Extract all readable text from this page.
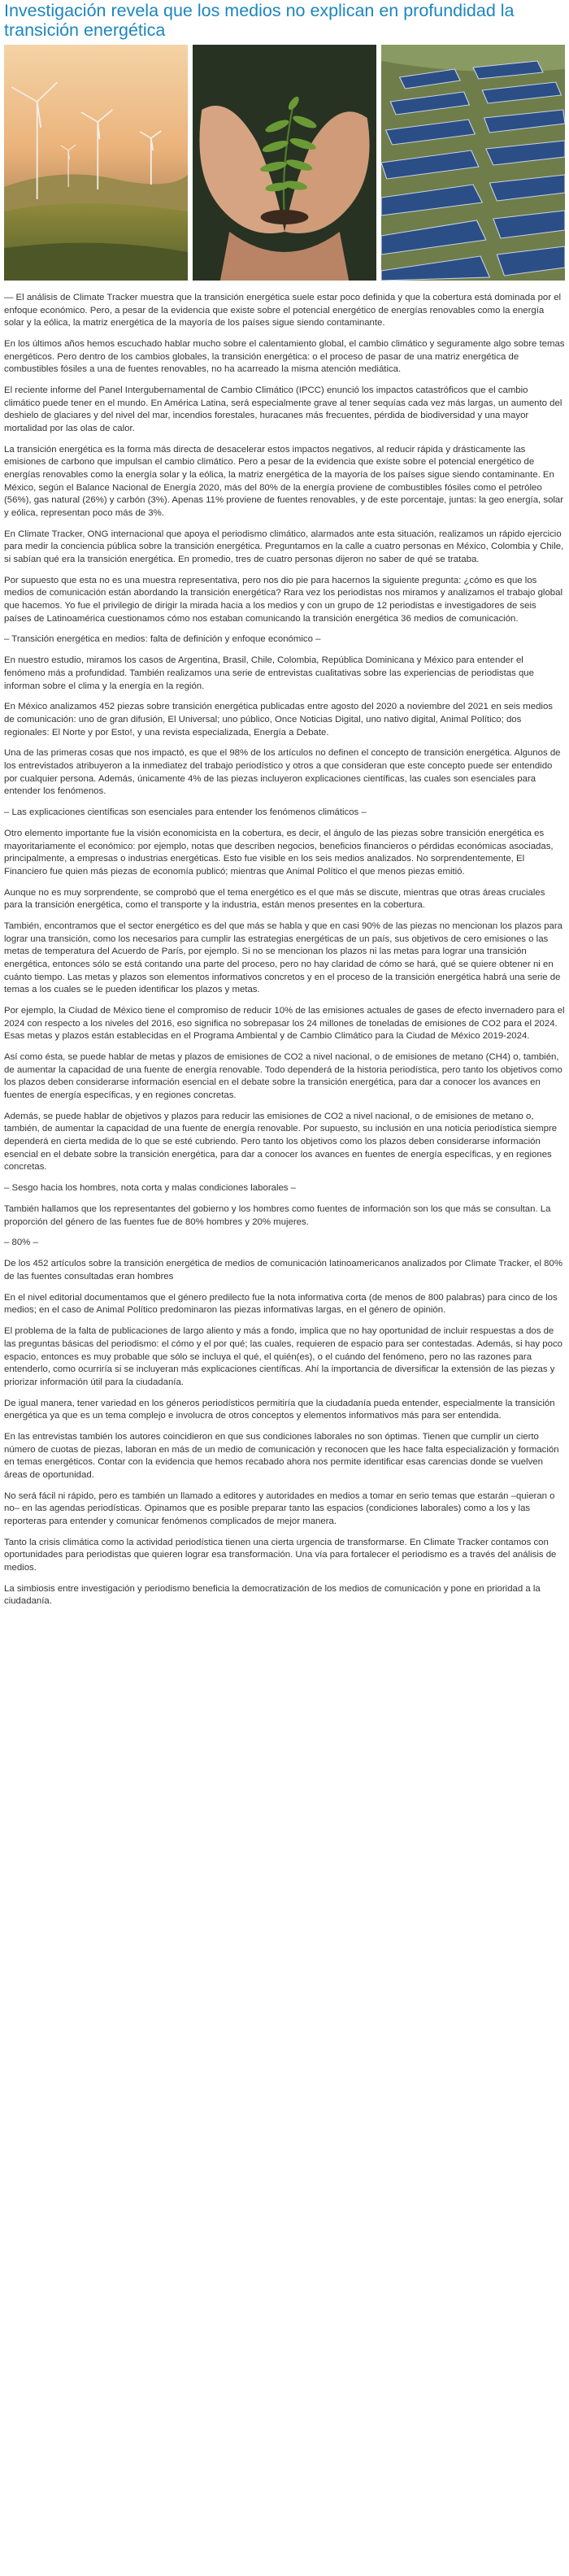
Investigación revela que los medios no explican en profundidad la transición energética

— El análisis de Climate Tracker muestra que la transición energética suele estar poco definida y que la cobertura está dominada por el enfoque económico. Pero, a pesar de la evidencia que existe sobre el potencial energético de energías renovables como la energía solar y la eólica, la matriz energética de la mayoría de los países sigue siendo contaminante.

En los últimos años hemos escuchado hablar mucho sobre el calentamiento global, el cambio climático y seguramente algo sobre temas energéticos. Pero dentro de los cambios globales, la transición energética: o el proceso de pasar de una matriz energética de combustibles fósiles a una de fuentes renovables, no ha acarreado la misma atención mediática.

El reciente informe del Panel Intergubernamental de Cambio Climático (IPCC) enunció los impactos catastróficos que el cambio climático puede tener en el mundo. En América Latina, será especialmente grave al tener sequías cada vez más largas, un aumento del deshielo de glaciares y del nivel del mar, incendios forestales, huracanes más frecuentes, pérdida de biodiversidad y una mayor mortalidad por las olas de calor.

La transición energética es la forma más directa de desacelerar estos impactos negativos, al reducir rápida y drásticamente las emisiones de carbono que impulsan el cambio climático. Pero a pesar de la evidencia que existe sobre el potencial energético de energías renovables como la energía solar y la eólica, la matriz energética de la mayoría de los países sigue siendo contaminante. En México, según el Balance Nacional de Energía 2020, más del 80% de la energía proviene de combustibles fósiles como el petróleo (56%), gas natural (26%) y carbón (3%). Apenas 11% proviene de fuentes renovables, y de este porcentaje, juntas: la geo energía, solar y eólica, representan poco más de 3%.

En Climate Tracker, ONG internacional que apoya el periodismo climático, alarmados ante esta situación, realizamos un rápido ejercicio para medir la conciencia pública sobre la transición energética. Preguntamos en la calle a cuatro personas en México, Colombia y Chile, si sabían qué era la transición energética. En promedio, tres de cuatro personas dijeron no saber de qué se trataba.

Por supuesto que esta no es una muestra representativa, pero nos dio pie para hacernos la siguiente pregunta: ¿cómo es que los medios de comunicación están abordando la transición energética? Rara vez los periodistas nos miramos y analizamos el trabajo global que hacemos. Yo fue el privilegio de dirigir la mirada hacia a los medios y con un grupo de 12 periodistas e investigadores de seis países de Latinoamérica cuestionamos cómo nos estaban comunicando la transición energética 36 medios de comunicación.

– Transición energética en medios: falta de definición y enfoque económico –

En nuestro estudio, miramos los casos de Argentina, Brasil, Chile, Colombia, República Dominicana y México para entender el fenómeno más a profundidad. También realizamos una serie de entrevistas cualitativas sobre las experiencias de periodistas que informan sobre el clima y la energía en la región.

En México analizamos 452 piezas sobre transición energética publicadas entre agosto del 2020 a noviembre del 2021 en seis medios de comunicación: uno de gran difusión, El Universal; uno público, Once Noticias Digital, uno nativo digital, Animal Político; dos regionales: El Norte y por Esto!, y una revista especializada, Energía a Debate.

Una de las primeras cosas que nos impactó, es que el 98% de los artículos no definen el concepto de transición energética. Algunos de los entrevistados atribuyeron a la inmediatez del trabajo periodístico y otros a que consideran que este concepto puede ser entendido por cualquier persona. Además, únicamente 4% de las piezas incluyeron explicaciones científicas, las cuales son esenciales para entender los fenómenos.

– Las explicaciones científicas son esenciales para entender los fenómenos climáticos –

Otro elemento importante fue la visión economicista en la cobertura, es decir, el ángulo de las piezas sobre transición energética es mayoritariamente el económico: por ejemplo, notas que describen negocios, beneficios financieros o pérdidas económicas asociadas, principalmente, a empresas o industrias energéticas. Esto fue visible en los seis medios analizados. No sorprendentemente, El Financiero fue quien más piezas de economía publicó; mientras que Animal Político el que menos piezas emitió.

Aunque no es muy sorprendente, se comprobó que el tema energético es el que más se discute, mientras que otras áreas cruciales para la transición energética, como el transporte y la industria, están menos presentes en la cobertura.

También, encontramos que el sector energético es del que más se habla y que en casi 90% de las piezas no mencionan los plazos para lograr una transición, como los necesarios para cumplir las estrategias energéticas de un país, sus objetivos de cero emisiones o las metas de temperatura del Acuerdo de París, por ejemplo. Si no se mencionan los plazos ni las metas para lograr una transición energética, entonces sólo se está contando una parte del proceso, pero no hay claridad de cómo se hará, qué se quiere obtener ni en cuánto tiempo. Las metas y plazos son elementos informativos concretos y en el proceso de la transición energética habrá una serie de temas a los cuales se le pueden identificar los plazos y metas.

Por ejemplo, la Ciudad de México tiene el compromiso de reducir 10% de las emisiones actuales de gases de efecto invernadero para el 2024 con respecto a los niveles del 2016, eso significa no sobrepasar los 24 millones de toneladas de emisiones de CO2 para el 2024. Esas metas y plazos están establecidas en el Programa Ambiental y de Cambio Climático para la Ciudad de México 2019-2024.

Así como ésta, se puede hablar de metas y plazos de emisiones de CO2 a nivel nacional, o de emisiones de metano (CH4) o, también, de aumentar la capacidad de una fuente de energía renovable. Todo dependerá de la historia periodística, pero tanto los objetivos como los plazos deben considerarse información esencial en el debate sobre la transición energética, para dar a conocer los avances en fuentes de energía específicas, y en regiones concretas.

Además, se puede hablar de objetivos y plazos para reducir las emisiones de CO2 a nivel nacional, o de emisiones de metano o, también, de aumentar la capacidad de una fuente de energía renovable. Por supuesto, su inclusión en una noticia periodística siempre dependerá en cierta medida de lo que se esté cubriendo. Pero tanto los objetivos como los plazos deben considerarse información esencial en el debate sobre la transición energética, para dar a conocer los avances en fuentes de energía específicas, y en regiones concretas.

– Sesgo hacia los hombres, nota corta y malas condiciones laborales –

También hallamos que los representantes del gobierno y los hombres como fuentes de información son los que más se consultan. La proporción del género de las fuentes fue de 80% hombres y 20% mujeres.

– 80% –

De los 452 artículos sobre la transición energética de medios de comunicación latinoamericanos analizados por Climate Tracker, el 80% de las fuentes consultadas eran hombres

En el nivel editorial documentamos que el género predilecto fue la nota informativa corta (de menos de 800 palabras) para cinco de los medios; en el caso de Animal Político predominaron las piezas informativas largas, en el género de opinión.

El problema de la falta de publicaciones de largo aliento y más a fondo, implica que no hay oportunidad de incluir respuestas a dos de las preguntas básicas del periodismo: el cómo y el por qué; las cuales, requieren de espacio para ser contestadas. Además, si hay poco espacio, entonces es muy probable que sólo se incluya el qué, el quién(es), o el cuándo del fenómeno, pero no las razones para entenderlo, como ocurriría si se incluyeran más explicaciones científicas. Ahí la importancia de diversificar la extensión de las piezas y priorizar información útil para la ciudadanía.

De igual manera, tener variedad en los géneros periodísticos permitiría que la ciudadanía pueda entender, especialmente la transición energética ya que es un tema complejo e involucra de otros conceptos y elementos informativos más para ser entendida.

En las entrevistas también los autores coincidieron en que sus condiciones laborales no son óptimas. Tienen que cumplir un cierto número de cuotas de piezas, laboran en más de un medio de comunicación y reconocen que les hace falta especialización y formación en temas energéticos. Contar con la evidencia que hemos recabado ahora nos permite identificar esas carencias donde se vuelven áreas de oportunidad.

No será fácil ni rápido, pero es también un llamado a editores y autoridades en medios a tomar en serio temas que estarán –quieran o no– en las agendas periodísticas. Opinamos que es posible preparar tanto las espacios (condiciones laborales) como a los y las reporteras para entender y comunicar fenómenos complicados de mejor manera.

Tanto la crisis climática como la actividad periodística tienen una cierta urgencia de transformarse. En Climate Tracker contamos con oportunidades para periodistas que quieren lograr esa transformación. Una vía para fortalecer el periodismo es a través del análisis de medios.

La simbiosis entre investigación y periodismo beneficia la democratización de los medios de comunicación y pone en prioridad a la ciudadanía.
